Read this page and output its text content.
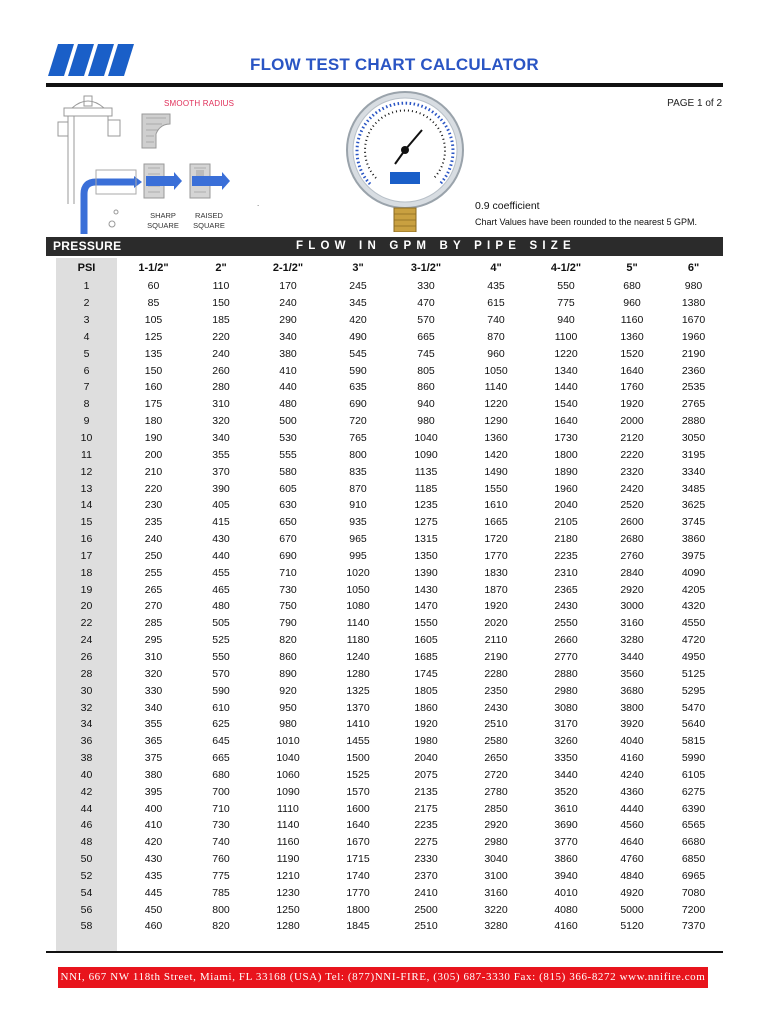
FLOW TEST CHART CALCULATOR
PAGE 1 of 2
SMOOTH RADIUS
SHARP SQUARE
RAISED SQUARE
.	0.9 coefficient
Chart Values have been rounded to the nearest 5 GPM.
PRESSURE	FLOW IN GPM BY PIPE SIZE
PSI	1-1/2"	2"	2-1/2"	3"	3-1/2"	4"	4-1/2"	5"	6"
1	60	110	170	245	330	435	550	680	980
2	85	150	240	345	470	615	775	960	1380
3	105	185	290	420	570	740	940	1160	1670
4	125	220	340	490	665	870	1100	1360	1960
5	135	240	380	545	745	960	1220	1520	2190
6	150	260	410	590	805	1050	1340	1640	2360
7	160	280	440	635	860	1140	1440	1760	2535
8	175	310	480	690	940	1220	1540	1920	2765
9	180	320	500	720	980	1290	1640	2000	2880
10	190	340	530	765	1040	1360	1730	2120	3050
11	200	355	555	800	1090	1420	1800	2220	3195
12	210	370	580	835	1135	1490	1890	2320	3340
13	220	390	605	870	1185	1550	1960	2420	3485
14	230	405	630	910	1235	1610	2040	2520	3625
15	235	415	650	935	1275	1665	2105	2600	3745
16	240	430	670	965	1315	1720	2180	2680	3860
17	250	440	690	995	1350	1770	2235	2760	3975
18	255	455	710	1020	1390	1830	2310	2840	4090
19	265	465	730	1050	1430	1870	2365	2920	4205
20	270	480	750	1080	1470	1920	2430	3000	4320
22	285	505	790	1140	1550	2020	2550	3160	4550
24	295	525	820	1180	1605	2110	2660	3280	4720
26	310	550	860	1240	1685	2190	2770	3440	4950
28	320	570	890	1280	1745	2280	2880	3560	5125
30	330	590	920	1325	1805	2350	2980	3680	5295
32	340	610	950	1370	1860	2430	3080	3800	5470
34	355	625	980	1410	1920	2510	3170	3920	5640
36	365	645	1010	1455	1980	2580	3260	4040	5815
38	375	665	1040	1500	2040	2650	3350	4160	5990
40	380	680	1060	1525	2075	2720	3440	4240	6105
42	395	700	1090	1570	2135	2780	3520	4360	6275
44	400	710	1110	1600	2175	2850	3610	4440	6390
46	410	730	1140	1640	2235	2920	3690	4560	6565
48	420	740	1160	1670	2275	2980	3770	4640	6680
50	430	760	1190	1715	2330	3040	3860	4760	6850
52	435	775	1210	1740	2370	3100	3940	4840	6965
54	445	785	1230	1770	2410	3160	4010	4920	7080
56	450	800	1250	1800	2500	3220	4080	5000	7200
58	460	820	1280	1845	2510	3280	4160	5120	7370
NNI, 667 NW 118th Street, Miami, FL 33168 (USA) Tel: (877)NNI-FIRE, (305) 687-3330 Fax: (815) 366-8272 www.nnifire.com
